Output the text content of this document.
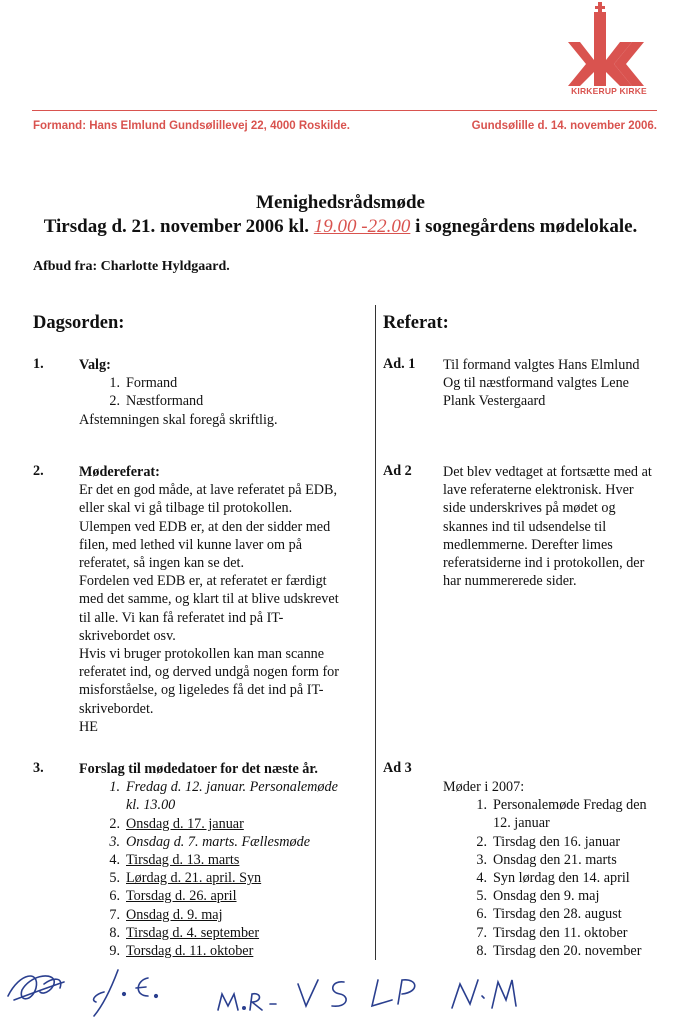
KIRKERUP KIRKE
Formand: Hans Elmlund Gundsølillevej 22, 4000 Roskilde.	Gundsølille d. 14. november 2006.
Menighedsrådsmøde
Tirsdag d. 21. november 2006 kl. 19.00 -22.00 i sognegårdens mødelokale.
Afbud fra: Charlotte Hyldgaard.
Dagsorden:	Referat:
1. Valg:
1. Formand
2. Næstformand
Afstemningen skal foregå skriftlig.
Ad. 1 Til formand valgtes Hans Elmlund
Og til næstformand valgtes Lene
Plank Vestergaard
2. Mødereferat:
Er det en god måde, at lave referatet på EDB,
eller skal vi gå tilbage til protokollen.
Ulempen ved EDB er, at den der sidder med
filen, med lethed vil kunne laver om på
referatet, så ingen kan se det.
Fordelen ved EDB er, at referatet er færdigt
med det samme, og klart til at blive udskrevet
til alle. Vi kan få referatet ind på IT-
skrivebordet osv.
Hvis vi bruger protokollen kan man scanne
referatet ind, og derved undgå nogen form for
misforståelse, og ligeledes få det ind på IT-
skrivebordet.
HE
Ad 2 Det blev vedtaget at fortsætte med at
lave referaterne elektronisk. Hver
side underskrives på mødet og
skannes ind til udsendelse til
medlemmerne. Derefter limes
referatsiderne ind i protokollen, der
har nummererede sider.
3. Forslag til mødedatoer for det næste år.
1. Fredag d. 12. januar. Personalemøde
kl. 13.00
2. Onsdag d. 17. januar
3. Onsdag d. 7. marts. Fællesmøde
4. Tirsdag d. 13. marts
5. Lørdag d. 21. april. Syn
6. Torsdag d. 26. april
7. Onsdag d. 9. maj
8. Tirsdag d. 4. september
9. Torsdag d. 11. oktober
Ad 3
Møder i 2007:
1. Personalemøde Fredag den
12. januar
2. Tirsdag den 16. januar
3. Onsdag den 21. marts
4. Syn lørdag den 14. april
5. Onsdag den 9. maj
6. Tirsdag den 28. august
7. Tirsdag den 11. oktober
8. Tirsdag den 20. november
